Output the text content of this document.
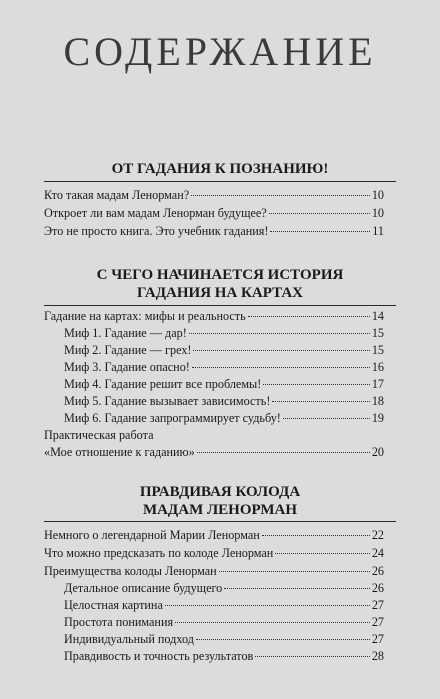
СОДЕРЖАНИЕ
ОТ ГАДАНИЯ К ПОЗНАНИЮ!
Кто такая мадам Ленорман?	10
Откроет ли вам мадам Ленорман будущее?	10
Это не просто книга. Это учебник гадания!	11
С ЧЕГО НАЧИНАЕТСЯ ИСТОРИЯ
ГАДАНИЯ НА КАРТАХ
Гадание на картах: мифы и реальность	14
Миф 1. Гадание — дар!	15
Миф 2. Гадание — грех!	15
Миф 3. Гадание опасно!	16
Миф 4. Гадание решит все проблемы!	17
Миф 5. Гадание вызывает зависимость!	18
Миф 6. Гадание запрограммирует судьбу!	19
Практическая работа
«Мое отношение к гаданию»	20
ПРАВДИВАЯ КОЛОДА
МАДАМ ЛЕНОРМАН
Немного о легендарной Марии Ленорман	22
Что можно предсказать по колоде Ленорман	24
Преимущества колоды Ленорман	26
Детальное описание будущего	26
Целостная картина	27
Простота понимания	27
Индивидуальный подход	27
Правдивость и точность результатов	28
